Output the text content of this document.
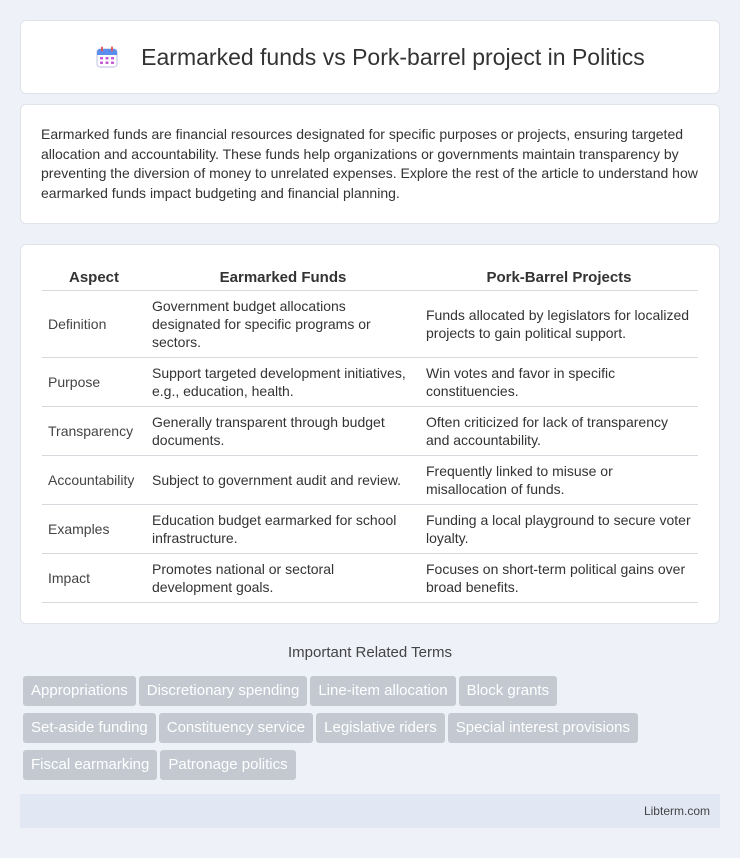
Earmarked funds vs Pork-barrel project in Politics

Earmarked funds are financial resources designated for specific purposes or projects, ensuring targeted allocation and accountability. These funds help organizations or governments maintain transparency by preventing the diversion of money to unrelated expenses. Explore the rest of the article to understand how earmarked funds impact budgeting and financial planning.

Aspect	Earmarked Funds	Pork-Barrel Projects
Definition	Government budget allocations designated for specific programs or sectors.	Funds allocated by legislators for localized projects to gain political support.
Purpose	Support targeted development initiatives, e.g., education, health.	Win votes and favor in specific constituencies.
Transparency	Generally transparent through budget documents.	Often criticized for lack of transparency and accountability.
Accountability	Subject to government audit and review.	Frequently linked to misuse or misallocation of funds.
Examples	Education budget earmarked for school infrastructure.	Funding a local playground to secure voter loyalty.
Impact	Promotes national or sectoral development goals.	Focuses on short-term political gains over broad benefits.
Important Related Terms
Appropriations Discretionary spending Line-item allocation Block grants
Set-aside funding Constituency service Legislative riders Special interest provisions
Fiscal earmarking Patronage politics
Libterm.com
